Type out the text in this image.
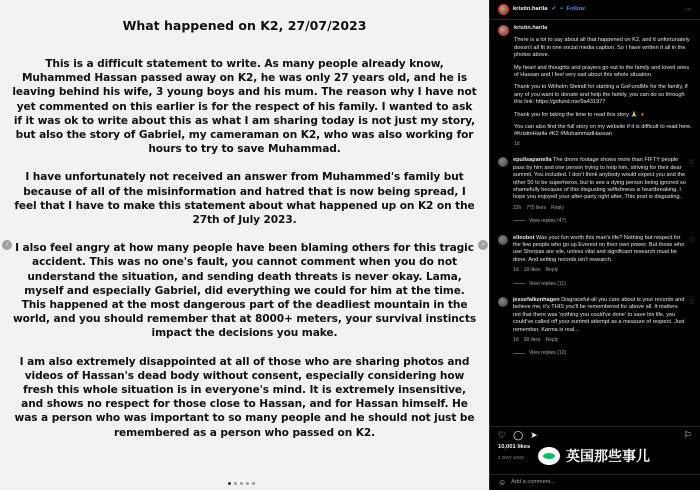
What happened on K2, 27/07/2023

This is a difficult statement to write. As many people already know, Muhammed Hassan passed away on K2, he was only 27 years old, and he is leaving behind his wife, 3 young boys and his mum. The reason why I have not yet commented on this earlier is for the respect of his family. I wanted to ask if it was ok to write about this as what I am sharing today is not just my story, but also the story of Gabriel, my cameraman on K2, who was also working for hours to try to save Muhammad.

I have unfortunately not received an answer from Muhammed's family but because of all of the misinformation and hatred that is now being spread, I feel that I have to make this statement about what happened up on K2 on the 27th of July 2023.

I also feel angry at how many people have been blaming others for this tragic accident. This was no one's fault, you cannot comment when you do not understand the situation, and sending death threats is never okay. Lama, myself and especially Gabriel, did everything we could for him at the time. This happened at the most dangerous part of the deadliest mountain in the world, and you should remember that at 8000+ meters, your survival instincts impact the decisions you make.

I am also extremely disappointed at all of those who are sharing photos and videos of Hassan's dead body without consent, especially considering how fresh this whole situation is in everyone's mind. It is extremely insensitive, and shows no respect for those close to Hassan, and for Hassan himself. He was a person who was important to so many people and he should not just be remembered as a person who passed on K2.

‹	›
kristin.harila ✔ • Follow	···

kristin.harila

There is a lot to say about all that happened on K2, and it unfortunately doesn't all fit in one social media caption. So I have written it all in the photos above.

My heart and thoughts and prayers go out to the family and loved ones of Hassan and I feel very sad about this whole situation.

Thank you to Wilhelm Steindl for starting a GoFundMe for the family, if any of you want to donate and help the family, you can do so through this link: https://gofund.me/9a431977

Thank you for taking the time to read this story 🙏 🔺

You can also find the full story on my website if it is difficult to read here.

#KristinHarila #K2 #MuhammadHassan

1d
epulisapanella The drone footage shows more than FIFTY people pass by him and one person trying to help him, striving for their dear summit. You included. I don't think anybody would expect you and the other 50 to be superheros, but to see a dying person being ignored so shamefully because of this disgusting selfishness is heartbreaking. I hope you enjoyed your after-party right after. This post is disgusting.
22h 775 likes Reply
♡
View replies (47)
elleobot Was your fun worth this man's life? Nothing but respect for the few people who go up Everest on their own power. But those who use Sherpas are vile, unless vital and significant research must be done. And setting records isn't research.
1d 18 likes Reply
♡
View replies (11)
jessefalkenhagen Disgraceful-all you care about is your records and believe me, it's THIS you'll be remembered for above all. It matters not that there was 'nothing you could've done' to save his life, you could've called off your summit attempt as a measure of respect. Just remember, Karma is real...
1d 38 likes Reply
♡
View replies (12)
♡ ◯ ➤	⚐
10,001 likes
1 DAY AGO
☺ Add a comment...
英国那些事儿
